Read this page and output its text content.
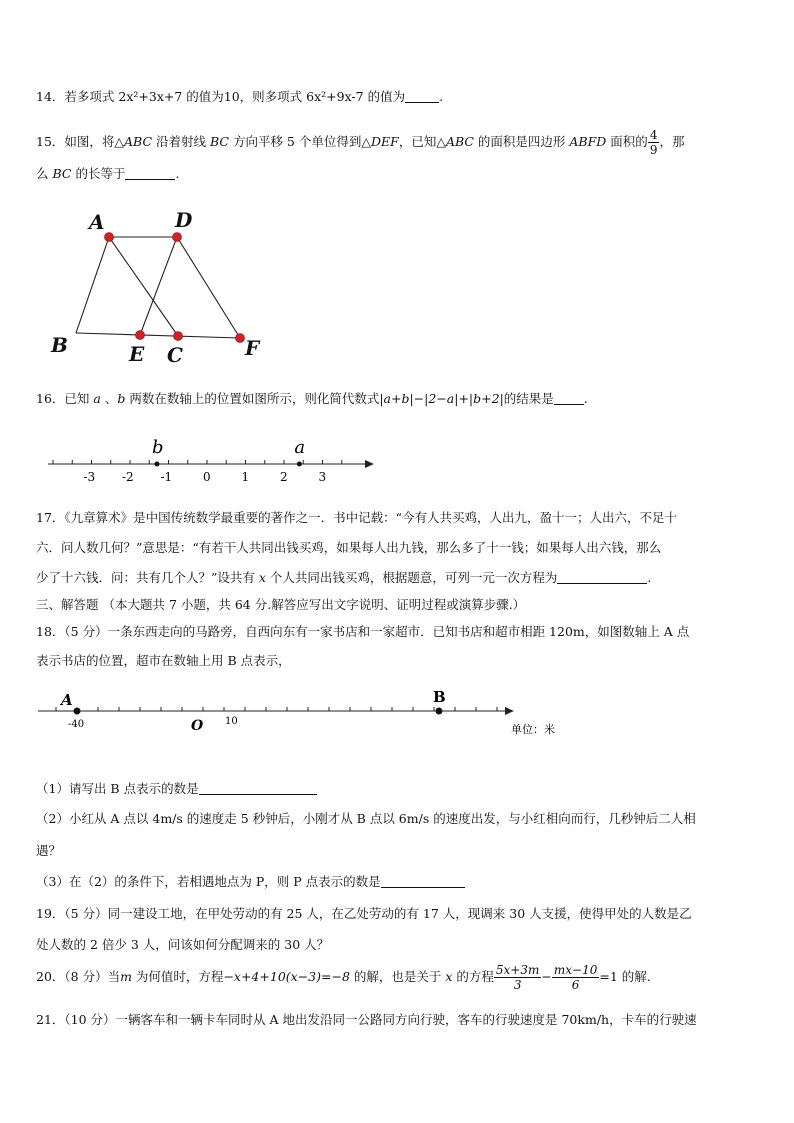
14．若多项式 2x²+3x+7 的值为10，则多项式 6x²+9x-7 的值为	.
15．如图，将△ABC 沿着射线 BC 方向平移 5 个单位得到△DEF，已知△ABC 的面积是四边形 ABFD 面积的 $\frac{4}{9}$ ，那
么 BC 的长等于	.
A	D
B	E C	F
16．已知 a 、b 两数在数轴上的位置如图所示，则化简代数式|a+b|−|2−a|+|b+2|的结果是 .
-3 -2 -1	0	1	2	3
b	a
17．《九章算术》是中国传统数学最重要的著作之一．书中记载：“今有人共买鸡，人出九，盈十一；人出六，不足十
六．问人数几何？”意思是：“有若干人共同出钱买鸡，如果每人出九钱，那么多了十一钱；如果每人出六钱，那么
少了十六钱．问：共有几个人？”设共有 x 个人共同出钱买鸡，根据题意，可列一元一次方程为	.
三、解答题 （本大题共 7 小题，共 64 分.解答应写出文字说明、证明过程或演算步骤.）
18．（5 分）一条东西走向的马路旁，自西向东有一家书店和一家超市．已知书店和超市相距 120m，如图数轴上 A 点
表示书店的位置，超市在数轴上用 B 点表示，
A	B
-40	O 10
单位：米
（1）请写出 B 点表示的数是
（2）小红从 A 点以 4m/s 的速度走 5 秒钟后，小刚才从 B 点以 6m/s 的速度出发，与小红相向而行，几秒钟后二人相
遇？
（3）在（2）的条件下，若相遇地点为 P，则 P 点表示的数是
19．（5 分）同一建设工地，在甲处劳动的有 25 人，在乙处劳动的有 17 人，现调来 30 人支援，使得甲处的人数是乙
处人数的 2 倍少 3 人，问该如何分配调来的 30 人？
20．（8 分）当m 为何值时，方程−x+4+10(x−3)=−8 的解，也是关于 x 的方程 $\frac{5x+3m}{3} - \frac{mx-10}{6} =1$ 的解.
21．（10 分）一辆客车和一辆卡车同时从 A 地出发沿同一公路同方向行驶，客车的行驶速度是 70km/h，卡车的行驶速
